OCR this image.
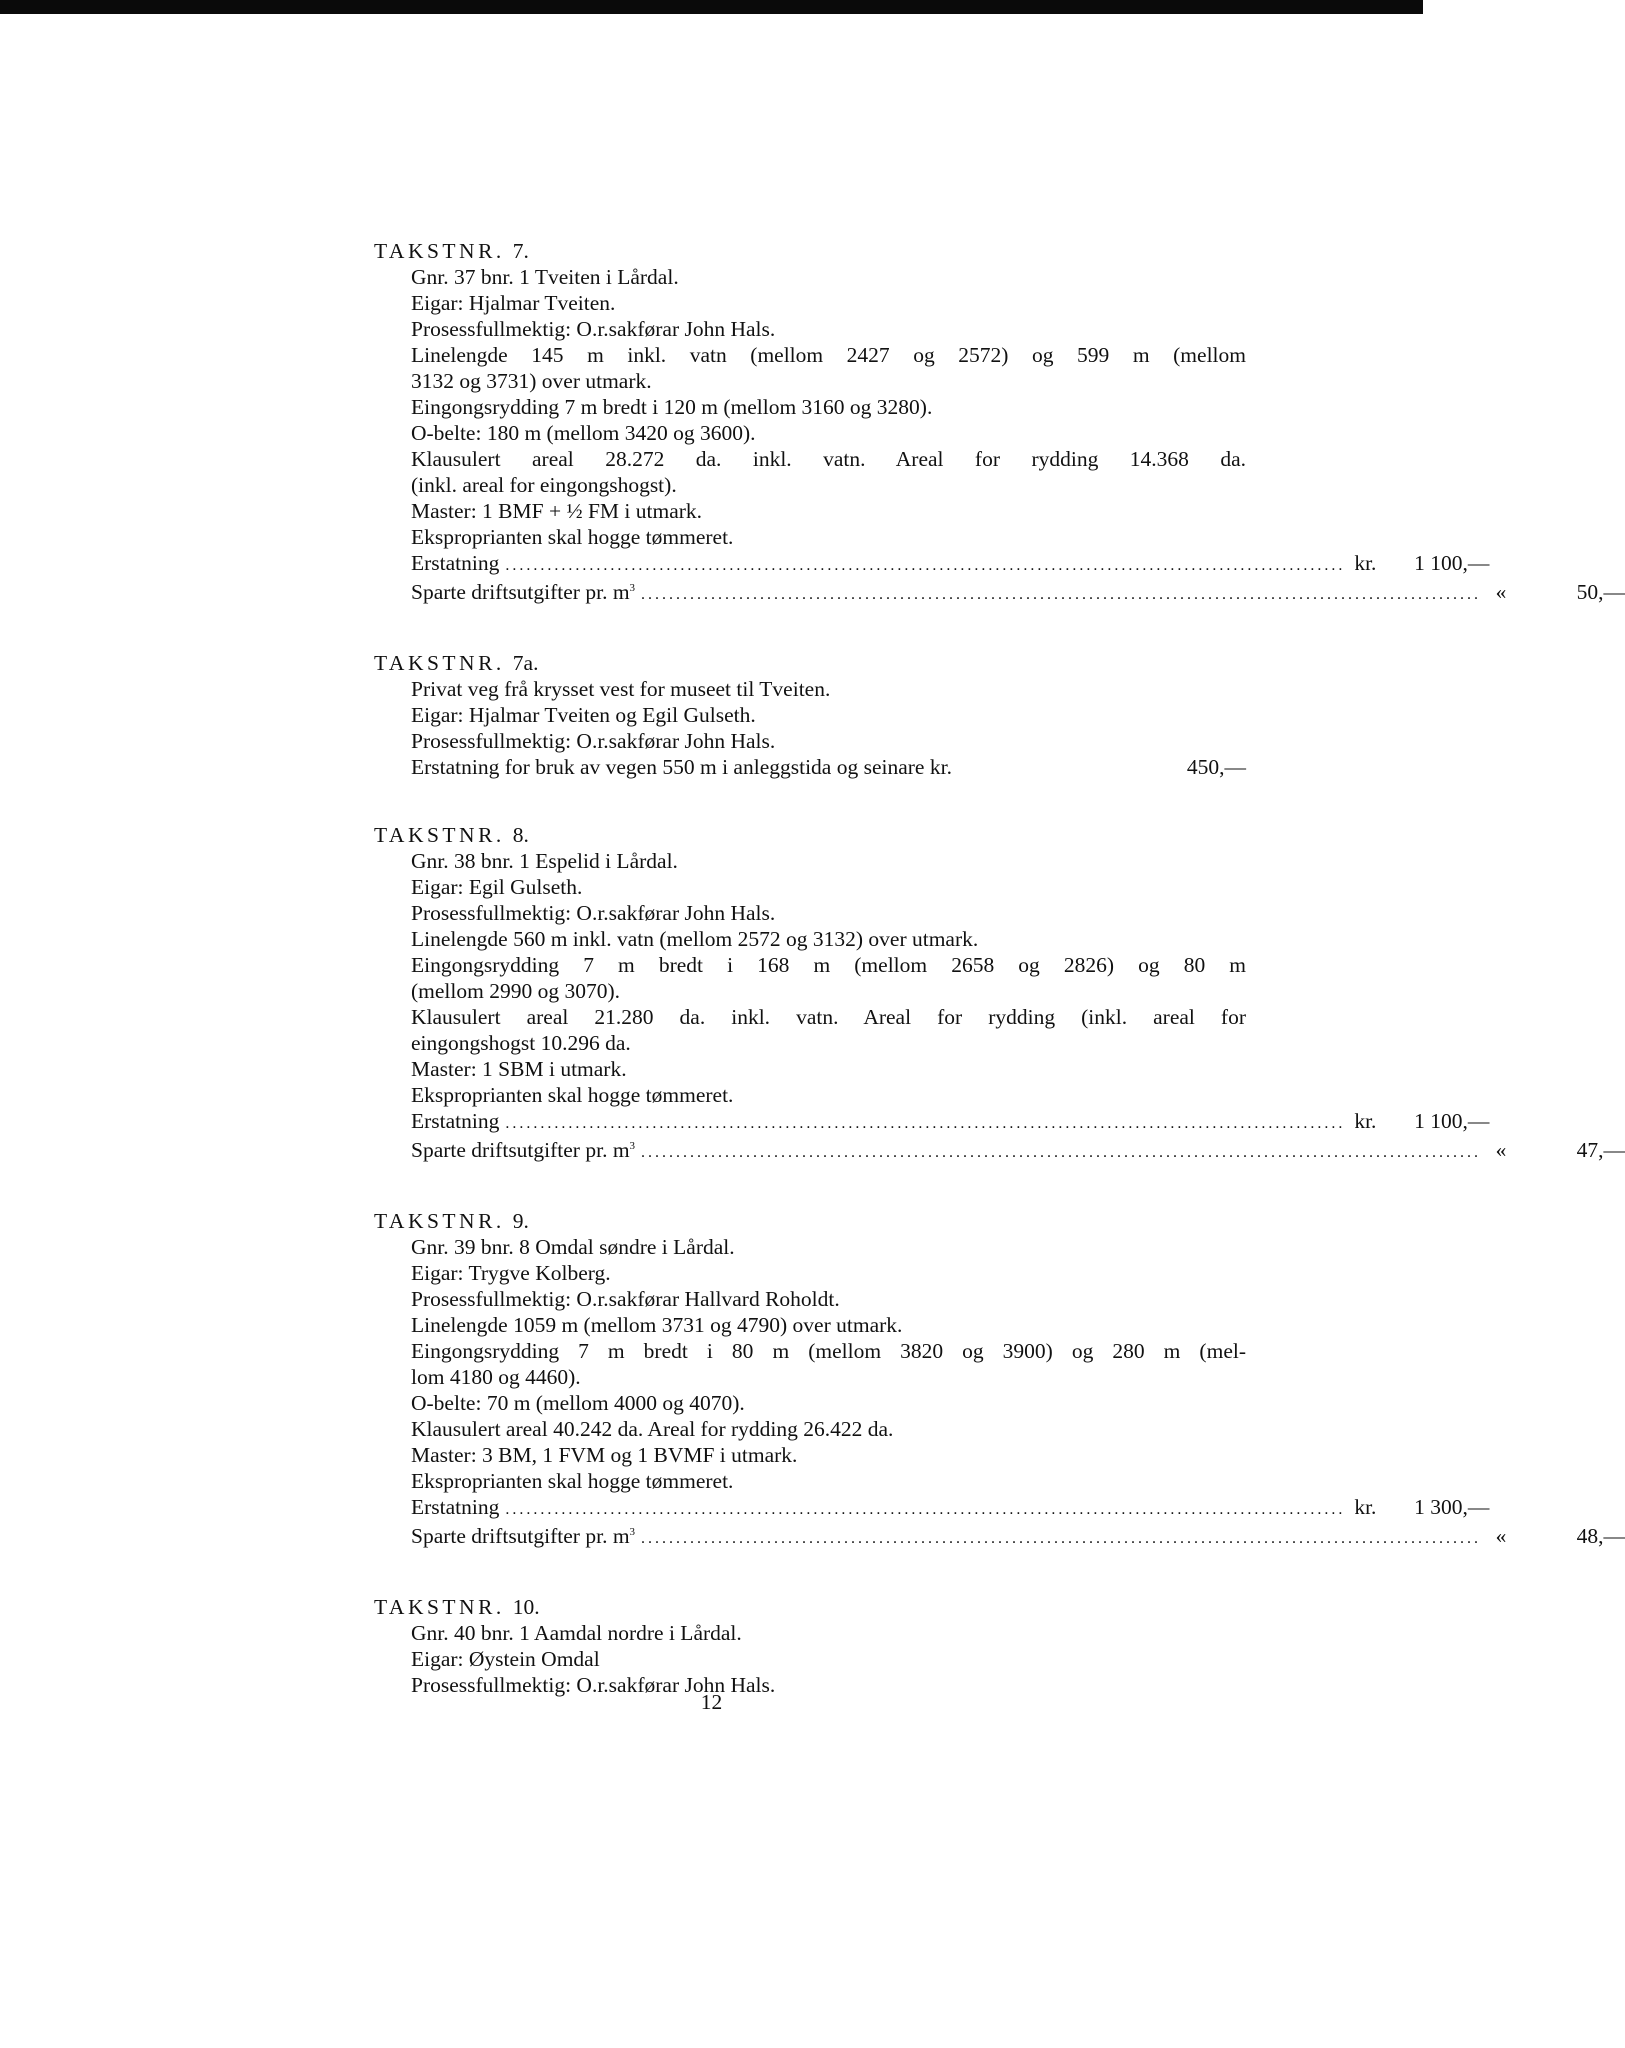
TAKSTNR. 7.
Gnr. 37 bnr. 1 Tveiten i Lårdal.
Eigar: Hjalmar Tveiten.
Prosessfullmektig: O.r.sakførar John Hals.
Linelengde 145 m inkl. vatn (mellom 2427 og 2572) og 599 m (mellom
3132 og 3731) over utmark.
Eingongsrydding 7 m bredt i 120 m (mellom 3160 og 3280).
O-belte: 180 m (mellom 3420 og 3600).
Klausulert areal 28.272 da. inkl. vatn. Areal for rydding 14.368 da.
(inkl. areal for eingongshogst).
Master: 1 BMF + ½ FM i utmark.
Eksproprianten skal hogge tømmeret.
Erstatning ........................................................................................................................ kr.	1 100,—
Sparte driftsutgifter pr. $m^3$ ........................................................................................................................ «	50,—
TAKSTNR. 7a.
Privat veg frå krysset vest for museet til Tveiten.
Eigar: Hjalmar Tveiten og Egil Gulseth.
Prosessfullmektig: O.r.sakførar John Hals.
Erstatning for bruk av vegen 550 m i anleggstida og seinare kr.	450,—
TAKSTNR. 8.
Gnr. 38 bnr. 1 Espelid i Lårdal.
Eigar: Egil Gulseth.
Prosessfullmektig: O.r.sakførar John Hals.
Linelengde 560 m inkl. vatn (mellom 2572 og 3132) over utmark.
Eingongsrydding 7 m bredt i 168 m (mellom 2658 og 2826) og 80 m
(mellom 2990 og 3070).
Klausulert areal 21.280 da. inkl. vatn. Areal for rydding (inkl. areal for
eingongshogst 10.296 da.
Master: 1 SBM i utmark.
Eksproprianten skal hogge tømmeret.
Erstatning ........................................................................................................................ kr.	1 100,—
Sparte driftsutgifter pr. $m^3$ ........................................................................................................................ «	47,—
TAKSTNR. 9.
Gnr. 39 bnr. 8 Omdal søndre i Lårdal.
Eigar: Trygve Kolberg.
Prosessfullmektig: O.r.sakførar Hallvard Roholdt.
Linelengde 1059 m (mellom 3731 og 4790) over utmark.
Eingongsrydding 7 m bredt i 80 m (mellom 3820 og 3900) og 280 m (mel-
lom 4180 og 4460).
O-belte: 70 m (mellom 4000 og 4070).
Klausulert areal 40.242 da. Areal for rydding 26.422 da.
Master: 3 BM, 1 FVM og 1 BVMF i utmark.
Eksproprianten skal hogge tømmeret.
Erstatning ........................................................................................................................ kr.	1 300,—
Sparte driftsutgifter pr. $m^3$ ........................................................................................................................ «	48,—
TAKSTNR. 10.
Gnr. 40 bnr. 1 Aamdal nordre i Lårdal.
Eigar: Øystein Omdal
Prosessfullmektig: O.r.sakførar John Hals.
12
